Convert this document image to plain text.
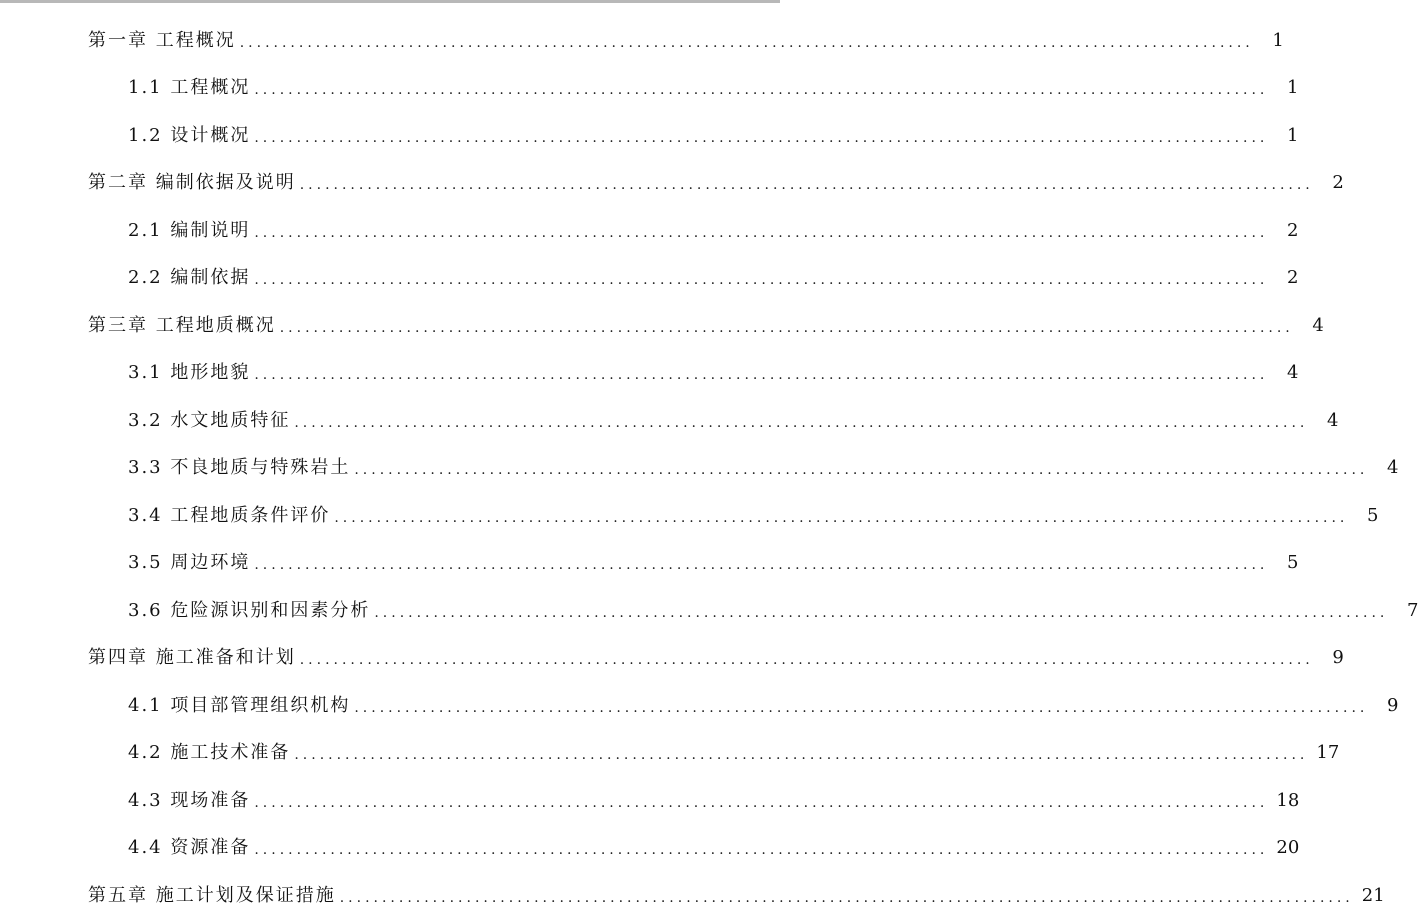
第一章 工程概况 ........................................................................................................................	1
1.1 工程概况 ........................................................................................................................	1
1.2 设计概况 ........................................................................................................................	1
第二章 编制依据及说明 ........................................................................................................................	2
2.1 编制说明 ........................................................................................................................	2
2.2 编制依据 ........................................................................................................................	2
第三章 工程地质概况 ........................................................................................................................	4
3.1 地形地貌 ........................................................................................................................	4
3.2 水文地质特征 ........................................................................................................................	4
3.3 不良地质与特殊岩土 ........................................................................................................................	4
3.4 工程地质条件评价 ........................................................................................................................	5
3.5 周边环境 ........................................................................................................................	5
3.6 危险源识别和因素分析 ........................................................................................................................	7
第四章 施工准备和计划 ........................................................................................................................	9
4.1 项目部管理组织机构 ........................................................................................................................	9
4.2 施工技术准备 ........................................................................................................................ 17
4.3 现场准备 ........................................................................................................................ 18
4.4 资源准备 ........................................................................................................................ 20
第五章 施工计划及保证措施 ........................................................................................................................ 21
